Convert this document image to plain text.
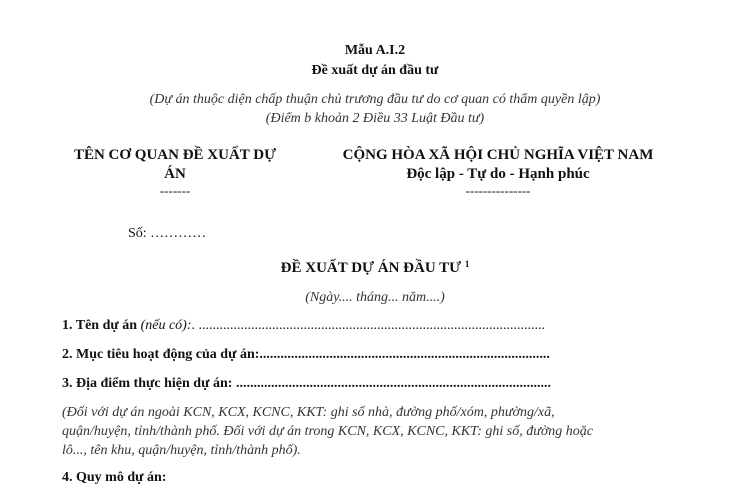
Mẫu A.I.2
Đề xuất dự án đầu tư
(Dự án thuộc diện chấp thuận chủ trương đầu tư do cơ quan có thẩm quyền lập)
(Điểm b khoản 2 Điều 33 Luật Đầu tư)
TÊN CƠ QUAN ĐỀ XUẤT DỰ
ÁN
-------
Số: …………
CỘNG HÒA XÃ HỘI CHỦ NGHĨA VIỆT NAM
Độc lập - Tự do - Hạnh phúc
---------------
ĐỀ XUẤT DỰ ÁN ĐẦU TƯ $^1$
(Ngày.... tháng... năm....)
1. Tên dự án (nếu có):. ...................................................................................................
2. Mục tiêu hoạt động của dự án:...................................................................................
3. Địa điểm thực hiện dự án: ..........................................................................................
(Đối với dự án ngoài KCN, KCX, KCNC, KKT: ghi số nhà, đường phố/xóm, phường/xã,
quận/huyện, tỉnh/thành phố. Đối với dự án trong KCN, KCX, KCNC, KKT: ghi số, đường hoặc
lô..., tên khu, quận/huyện, tỉnh/thành phố).
4. Quy mô dự án:
